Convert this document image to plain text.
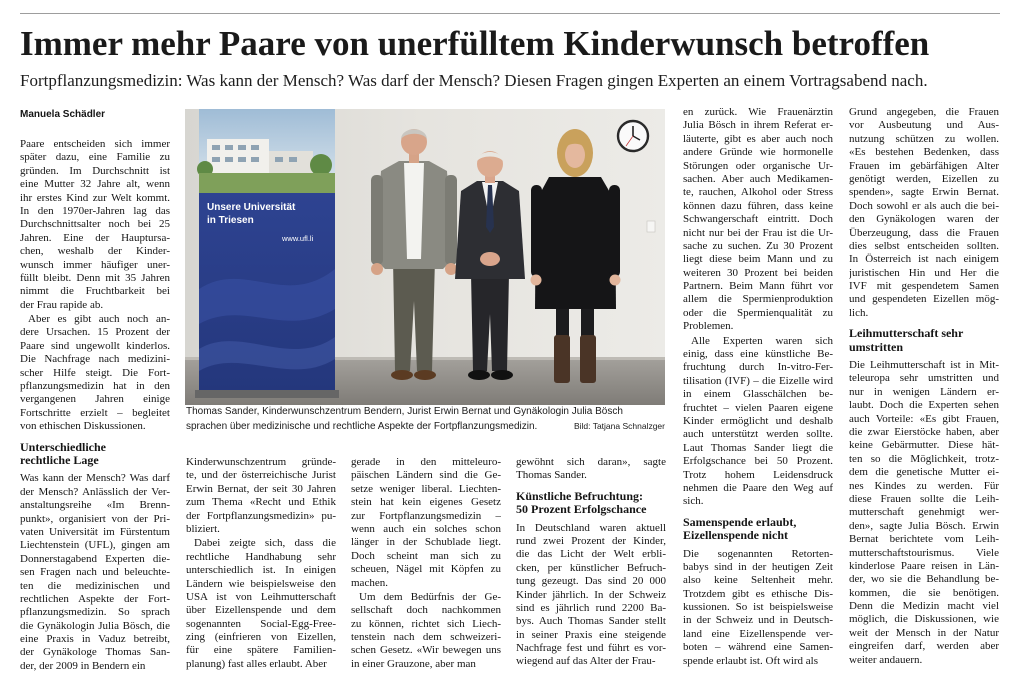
Immer mehr Paare von unerfülltem Kinderwunsch betroffen
Fortpflanzungsmedizin: Was kann der Mensch? Was darf der Mensch? Diesen Fragen gingen Experten an einem Vortragsabend nach.
Manuela Schädler
Paare entscheiden sich immer
später dazu, eine Familie zu
gründen. Im Durchschnitt ist
eine Mutter 32 Jahre alt, wenn
ihr erstes Kind zur Welt kommt.
In den 1970er-Jahren lag das
Durchschnittsalter noch bei 25
Jahren. Eine der Hauptursa-
chen, weshalb der Kinder-
wunsch immer häufiger uner-
füllt bleibt. Denn mit 35 Jahren
nimmt die Fruchtbarkeit bei
der Frau rapide ab.
Aber es gibt auch noch an-
dere Ursachen. 15 Prozent der
Paare sind ungewollt kinderlos.
Die Nachfrage nach medizini-
scher Hilfe steigt. Die Fort-
pflanzungsmedizin hat in den
vergangenen Jahren einige
Fortschritte erzielt – begleitet
von ethischen Diskussionen.
Unterschiedliche
rechtliche Lage
Was kann der Mensch? Was darf
der Mensch? Anlässlich der Ver-
anstaltungsreihe «Im Brenn-
punkt», organisiert von der Pri-
vaten Universität im Fürstentum
Liechtenstein (UFL), gingen am
Donnerstagabend Experten die-
sen Fragen nach und beleuchte-
ten die medizinischen und
rechtlichen Aspekte der Fort-
pflanzungsmedizin. So sprach
die Gynäkologin Julia Bösch, die
eine Praxis in Vaduz betreibt,
der Gynäkologe Thomas San-
der, der 2009 in Bendern ein
Kinderwunschzentrum gründe-
te, und der österreichische Jurist
Erwin Bernat, der seit 30 Jahren
zum Thema «Recht und Ethik
der Fortpflanzungsmedizin» pu-
bliziert.
Dabei zeigte sich, dass die
rechtliche Handhabung sehr
unterschiedlich ist. In einigen
Ländern wie beispielsweise den
USA ist von Leihmutterschaft
über Eizellenspende und dem
sogenannten Social-Egg-Free-
zing (einfrieren von Eizellen,
für eine spätere Familien-
planung) fast alles erlaubt. Aber
gerade in den mitteleuro-
päischen Ländern sind die Ge-
setze weniger liberal. Liechten-
stein hat kein eigenes Gesetz
zur Fortpflanzungsmedizin –
wenn auch ein solches schon
länger in der Schublade liegt.
Doch scheint man sich zu
scheuen, Nägel mit Köpfen zu
machen.
Um dem Bedürfnis der Ge-
sellschaft doch nachkommen
zu können, richtet sich Liech-
tenstein nach dem schweizeri-
schen Gesetz. «Wir bewegen uns
in einer Grauzone, aber man
gewöhnt sich daran», sagte
Thomas Sander.
Künstliche Befruchtung:
50 Prozent Erfolgschance
In Deutschland waren aktuell
rund zwei Prozent der Kinder,
die das Licht der Welt erbli-
cken, per künstlicher Befruch-
tung gezeugt. Das sind 20 000
Kinder jährlich. In der Schweiz
sind es jährlich rund 2200 Ba-
bys. Auch Thomas Sander stellt
in seiner Praxis eine steigende
Nachfrage fest und führt es vor-
wiegend auf das Alter der Frau-
en zurück. Wie Frauenärztin
Julia Bösch in ihrem Referat er-
läuterte, gibt es aber auch noch
andere Gründe wie hormonelle
Störungen oder organische Ur-
sachen. Aber auch Medikamen-
te, rauchen, Alkohol oder Stress
können dazu führen, dass keine
Schwangerschaft eintritt. Doch
nicht nur bei der Frau ist die Ur-
sache zu suchen. Zu 30 Prozent
liegt diese beim Mann und zu
weiteren 30 Prozent bei beiden
Partnern. Beim Mann führt vor
allem die Spermienproduktion
oder die Spermienqualität zu
Problemen.
Alle Experten waren sich
einig, dass eine künstliche Be-
fruchtung durch In-vitro-Fer-
tilisation (IVF) – die Eizelle wird
in einem Glasschälchen be-
fruchtet – vielen Paaren eigene
Kinder ermöglicht und deshalb
auch unterstützt werden sollte.
Laut Thomas Sander liegt die
Erfolgschance bei 50 Prozent.
Trotz hohem Leidensdruck
nehmen die Paare den Weg auf
sich.
Samenspende erlaubt,
Eizellenspende nicht
Die sogenannten Retorten-
babys sind in der heutigen Zeit
also keine Seltenheit mehr.
Trotzdem gibt es ethische Dis-
kussionen. So ist beispielsweise
in der Schweiz und in Deutsch-
land eine Eizellenspende ver-
boten – während eine Samen-
spende erlaubt ist. Oft wird als
Grund angegeben, die Frauen
vor Ausbeutung und Aus-
nutzung schützen zu wollen.
«Es bestehen Bedenken, dass
Frauen im gebärfähigen Alter
genötigt werden, Eizellen zu
spenden», sagte Erwin Bernat.
Doch sowohl er als auch die bei-
den Gynäkologen waren der
Überzeugung, dass die Frauen
dies selbst entscheiden sollten.
In Österreich ist nach einigem
juristischen Hin und Her die
IVF mit gespendetem Samen
und gespendeten Eizellen mög-
lich.
Leihmutterschaft sehr
umstritten
Die Leihmutterschaft ist in Mit-
teleuropa sehr umstritten und
nur in wenigen Ländern er-
laubt. Doch die Experten sehen
auch Vorteile: «Es gibt Frauen,
die zwar Eierstöcke haben, aber
keine Gebärmutter. Diese hät-
ten so die Möglichkeit, trotz-
dem die genetische Mutter ei-
nes Kindes zu werden. Für
diese Frauen sollte die Leih-
mutterschaft genehmigt wer-
den», sagte Julia Bösch. Erwin
Bernat berichtete vom Leih-
mutterschaftstourismus. Viele
kinderlose Paare reisen in Län-
der, wo sie die Behandlung be-
kommen, die sie benötigen.
Denn die Medizin macht viel
möglich, die Diskussionen, wie
weit der Mensch in der Natur
eingreifen darf, werden aber
weiter andauern.
Unsere Universität
in Triesen
www.ufl.li
Thomas Sander, Kinderwunschzentrum Bendern, Jurist Erwin Bernat und Gynäkologin Julia Bösch
sprachen über medizinische und rechtliche Aspekte der Fortpflanzungsmedizin.	Bild: Tatjana Schnalzger
